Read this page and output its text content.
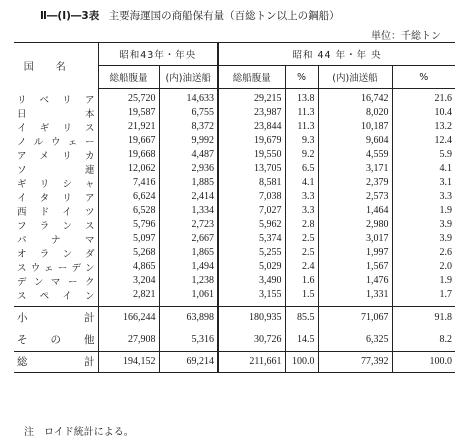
Ⅱ―(Ⅰ)―3表 主要海運国の商船保有量（百総トン以上の鋼船）
単位：千総トン
国名	昭和43年・年央		昭和 44 年・年 央			
	総船腹量	(内)油送船	総船腹量	%	(内)油送船	%
リベリア	25,720	14,633	29,215	13.8	16,742	21.6
日本	19,587	6,755	23,987	11.3	8,020	10.4
イギリス	21,921	8,372	23,844	11.3	10,187	13.2
ノルウェー	19,667	9,992	19,679	9.3	9,604	12.4
アメリカ	19,668	4,487	19,550	9.2	4,559	5.9
ソ連	12,062	2,936	13,705	6.5	3,171	4.1
ギリシャ	7,416	1,885	8,581	4.1	2,379	3.1
イタリア	6,624	2,414	7,038	3.3	2,573	3.3
西ドイツ	6,528	1,334	7,027	3.3	1,464	1.9
フランス	5,796	2,723	5,962	2.8	2,980	3.9
パナマ	5,097	2,667	5,374	2.5	3,017	3.9
オランダ	5,268	1,865	5,255	2.5	1,997	2.6
スウェーデン	4,865	1,494	5,029	2.4	1,567	2.0
デンマーク	3,204	1,238	3,490	1.6	1,476	1.9
スペイン	2,821	1,061	3,155	1.5	1,331	1.7
小計	166,244	63,898	180,935	85.5	71,067	91.8
その他	27,908	5,316	30,726	14.5	6,325	8.2
総計	194,152	69,214	211,661	100.0	77,392	100.0
注　ロイド統計による。
